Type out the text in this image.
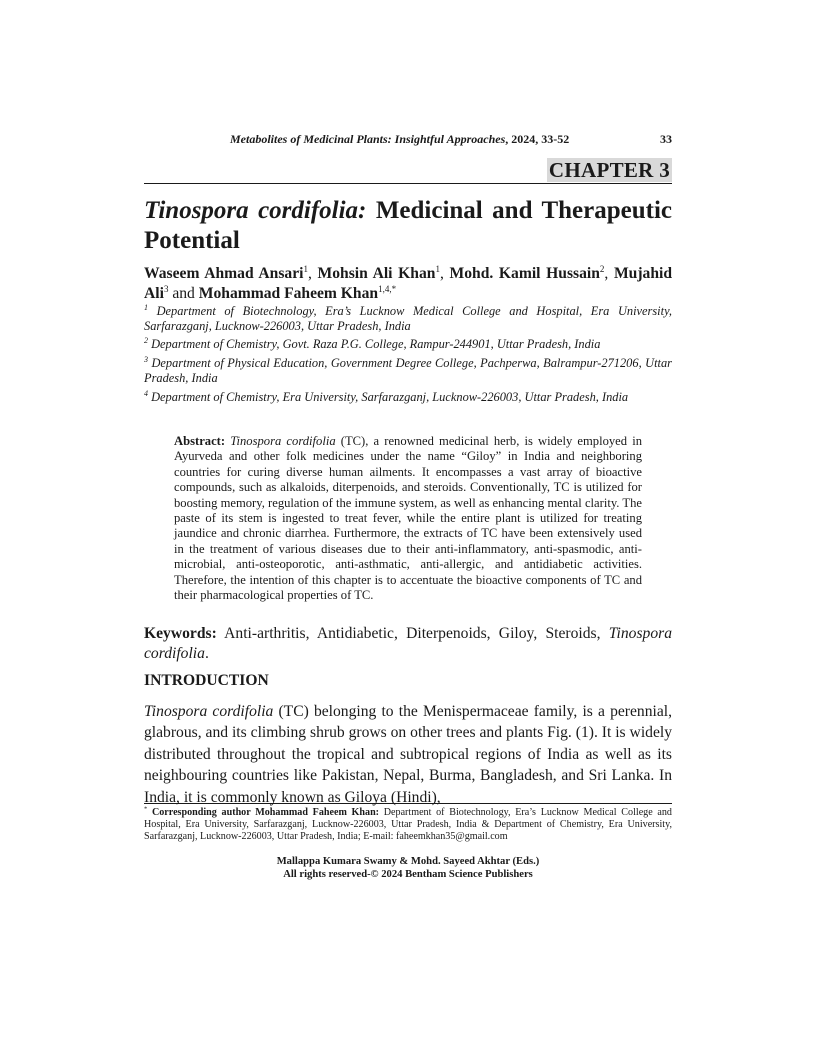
Metabolites of Medicinal Plants: Insightful Approaches, 2024, 33-52	33
CHAPTER 3
Tinospora cordifolia: Medicinal and Therapeutic Potential
Waseem Ahmad Ansari$^1$, Mohsin Ali Khan$^1$, Mohd. Kamil Hussain$^2$, Mujahid Ali$^3$ and Mohammad Faheem Khan$^{1,4,*}$
$^1$ Department of Biotechnology, Era’s Lucknow Medical College and Hospital, Era University, Sarfarazganj, Lucknow-226003, Uttar Pradesh, India
$^2$ Department of Chemistry, Govt. Raza P.G. College, Rampur-244901, Uttar Pradesh, India
$^3$ Department of Physical Education, Government Degree College, Pachperwa, Balrampur-271206, Uttar Pradesh, India
$^4$ Department of Chemistry, Era University, Sarfarazganj, Lucknow-226003, Uttar Pradesh, India
Abstract: Tinospora cordifolia (TC), a renowned medicinal herb, is widely employed in Ayurveda and other folk medicines under the name “Giloy” in India and neighboring countries for curing diverse human ailments. It encompasses a vast array of bioactive compounds, such as alkaloids, diterpenoids, and steroids. Conventionally, TC is utilized for boosting memory, regulation of the immune system, as well as enhancing mental clarity. The paste of its stem is ingested to treat fever, while the entire plant is utilized for treating jaundice and chronic diarrhea. Furthermore, the extracts of TC have been extensively used in the treatment of various diseases due to their anti-inflammatory, anti-spasmodic, anti-microbial, anti-osteoporotic, anti-asthmatic, anti-allergic, and antidiabetic activities. Therefore, the intention of this chapter is to accentuate the bioactive components of TC and their pharmacological properties of TC.
Keywords: Anti-arthritis, Antidiabetic, Diterpenoids, Giloy, Steroids, Tinospora cordifolia.
INTRODUCTION
Tinospora cordifolia (TC) belonging to the Menispermaceae family, is a perennial, glabrous, and its climbing shrub grows on other trees and plants Fig. (1). It is widely distributed throughout the tropical and subtropical regions of India as well as its neighbouring countries like Pakistan, Nepal, Burma, Bangladesh, and Sri Lanka. In India, it is commonly known as Giloya (Hindi),
* Corresponding author Mohammad Faheem Khan: Department of Biotechnology, Era’s Lucknow Medical College and Hospital, Era University, Sarfarazganj, Lucknow-226003, Uttar Pradesh, India & Department of Chemistry, Era University, Sarfarazganj, Lucknow-226003, Uttar Pradesh, India; E-mail: faheemkhan35@gmail.com
Mallappa Kumara Swamy & Mohd. Sayeed Akhtar (Eds.)
All rights reserved-© 2024 Bentham Science Publishers
